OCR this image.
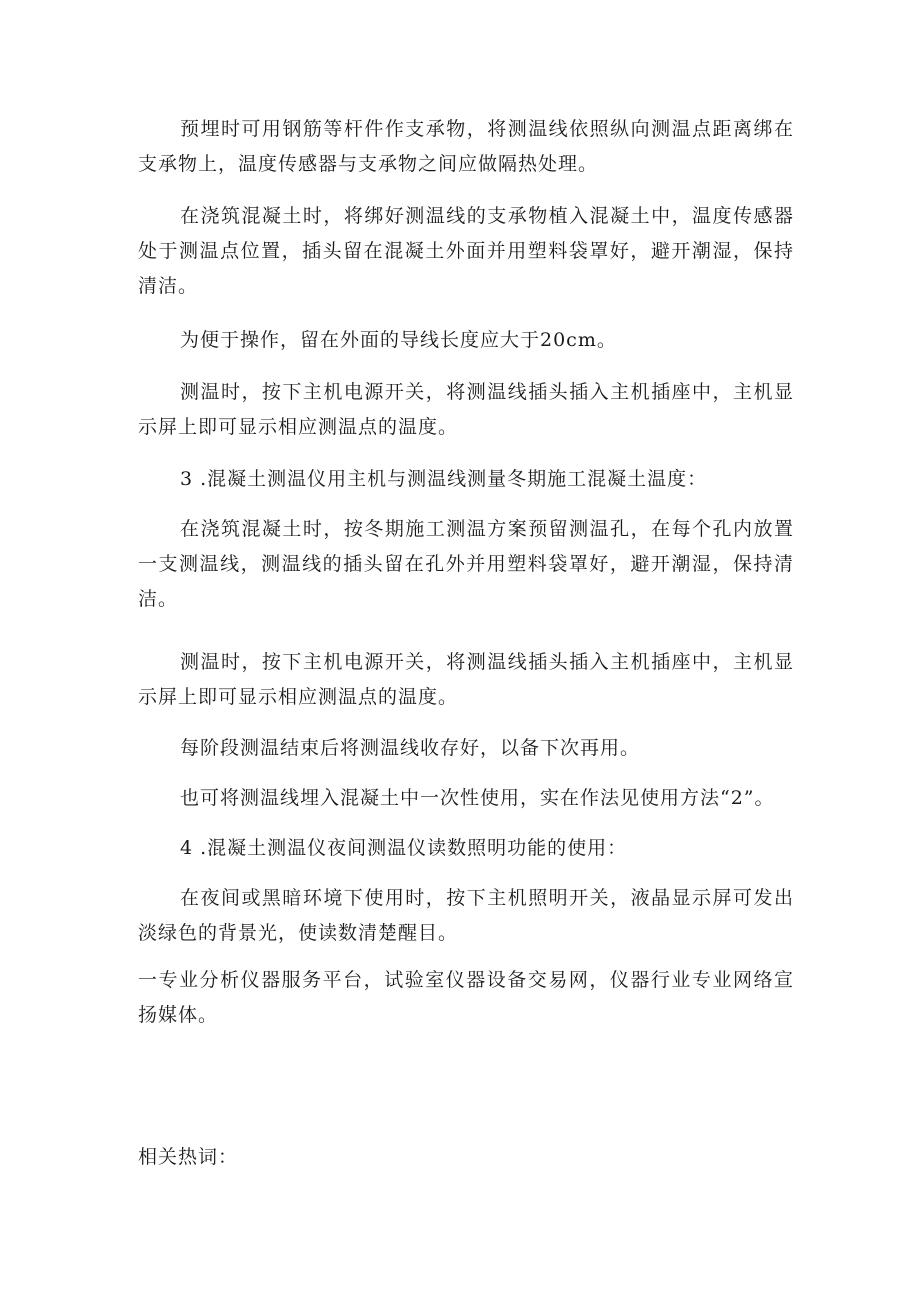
预埋时可用钢筋等杆件作支承物，将测温线依照纵向测温点距离绑在支承物上，温度传感器与支承物之间应做隔热处理。

在浇筑混凝土时，将绑好测温线的支承物植入混凝土中，温度传感器处于测温点位置，插头留在混凝土外面并用塑料袋罩好，避开潮湿，保持清洁。

为便于操作，留在外面的导线长度应大于20cm。

测温时，按下主机电源开关，将测温线插头插入主机插座中，主机显示屏上即可显示相应测温点的温度。

3 .混凝土测温仪用主机与测温线测量冬期施工混凝土温度：

在浇筑混凝土时，按冬期施工测温方案预留测温孔，在每个孔内放置一支测温线，测温线的插头留在孔外并用塑料袋罩好，避开潮湿，保持清洁。

测温时，按下主机电源开关，将测温线插头插入主机插座中，主机显示屏上即可显示相应测温点的温度。

每阶段测温结束后将测温线收存好，以备下次再用。

也可将测温线埋入混凝土中一次性使用，实在作法见使用方法“2”。

4 .混凝土测温仪夜间测温仪读数照明功能的使用：

在夜间或黑暗环境下使用时，按下主机照明开关，液晶显示屏可发出淡绿色的背景光，使读数清楚醒目。

一专业分析仪器服务平台，试验室仪器设备交易网，仪器行业专业网络宣扬媒体。

相关热词：
